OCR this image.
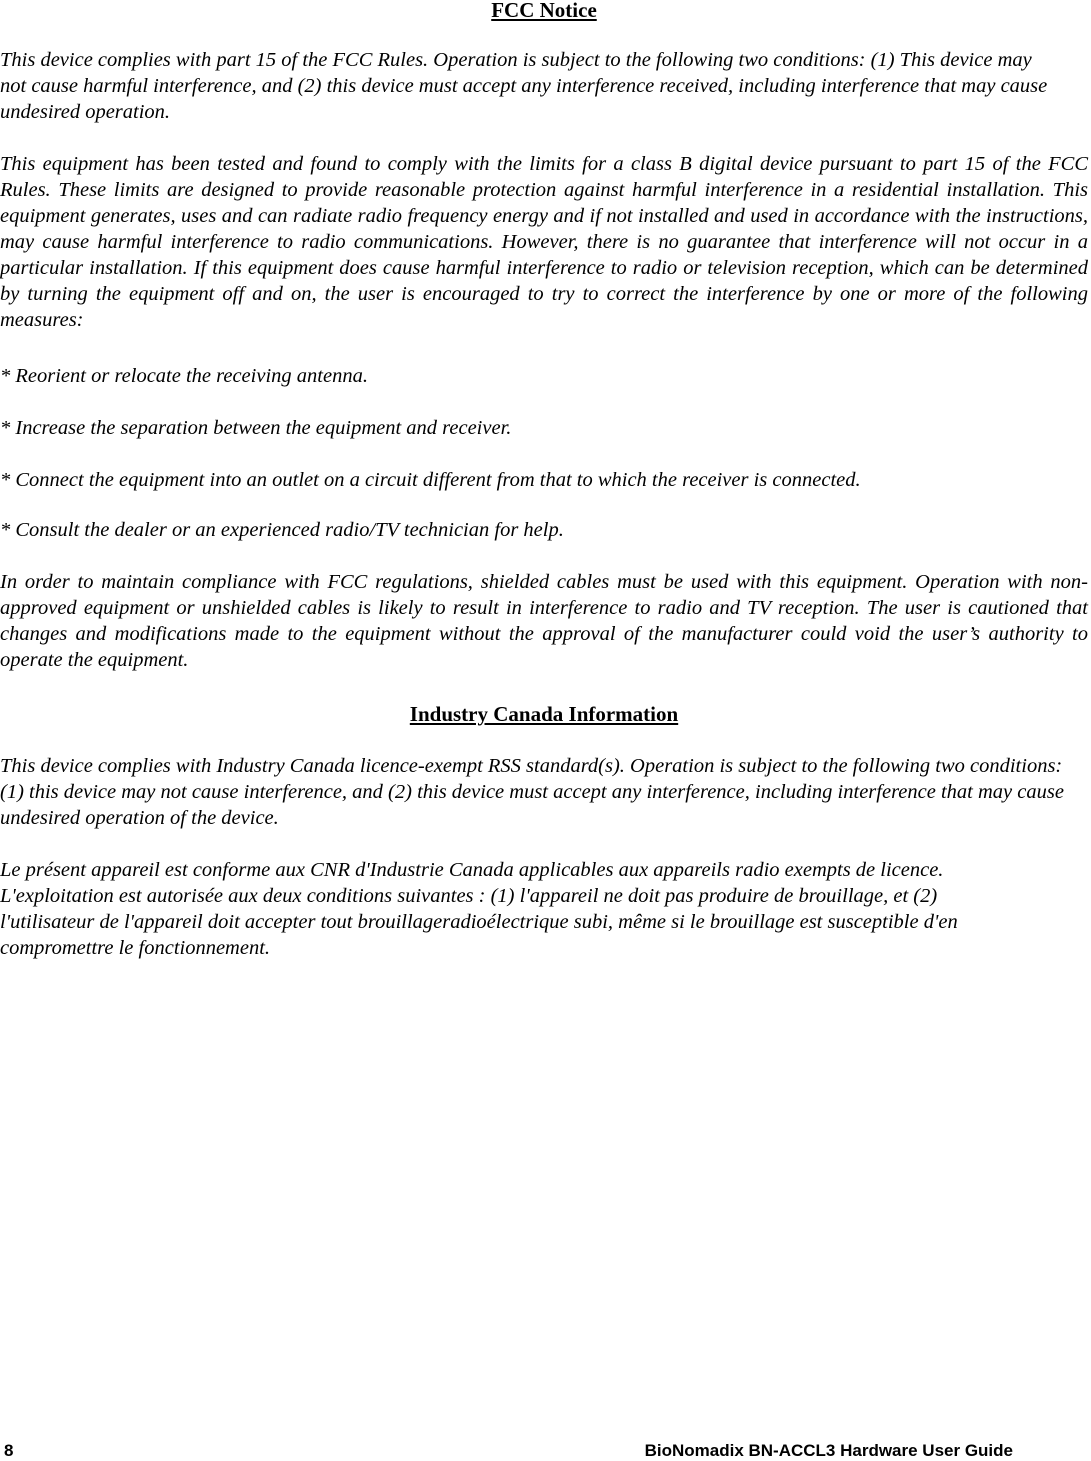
FCC Notice

This device complies with part 15 of the FCC Rules. Operation is subject to the following two conditions: (1) This device may not cause harmful interference, and (2) this device must accept any interference received, including interference that may cause undesired operation.

This equipment has been tested and found to comply with the limits for a class B digital device pursuant to part 15 of the FCC Rules. These limits are designed to provide reasonable protection against harmful interference in a residential installation. This equipment generates, uses and can radiate radio frequency energy and if not installed and used in accordance with the instructions, may cause harmful interference to radio communications. However, there is no guarantee that interference will not occur in a particular installation. If this equipment does cause harmful interference to radio or television reception, which can be determined by turning the equipment off and on, the user is encouraged to try to correct the interference by one or more of the following measures:

* Reorient or relocate the receiving antenna.

* Increase the separation between the equipment and receiver.

* Connect the equipment into an outlet on a circuit different from that to which the receiver is connected.

* Consult the dealer or an experienced radio/TV technician for help.

In order to maintain compliance with FCC regulations, shielded cables must be used with this equipment. Operation with non-approved equipment or unshielded cables is likely to result in interference to radio and TV reception. The user is cautioned that changes and modifications made to the equipment without the approval of the manufacturer could void the user’s authority to operate the equipment.

Industry Canada Information

This device complies with Industry Canada licence-exempt RSS standard(s). Operation is subject to the following two conditions: (1) this device may not cause interference, and (2) this device must accept any interference, including interference that may cause undesired operation of the device.

Le présent appareil est conforme aux CNR d'Industrie Canada applicables aux appareils radio exempts de licence.
L'exploitation est autorisée aux deux conditions suivantes : (1) l'appareil ne doit pas produire de brouillage, et (2)
l'utilisateur de l'appareil doit accepter tout brouillageradioélectrique subi, même si le brouillage est susceptible d'en
compromettre le fonctionnement.
8	BioNomadix BN-ACCL3 Hardware User Guide
